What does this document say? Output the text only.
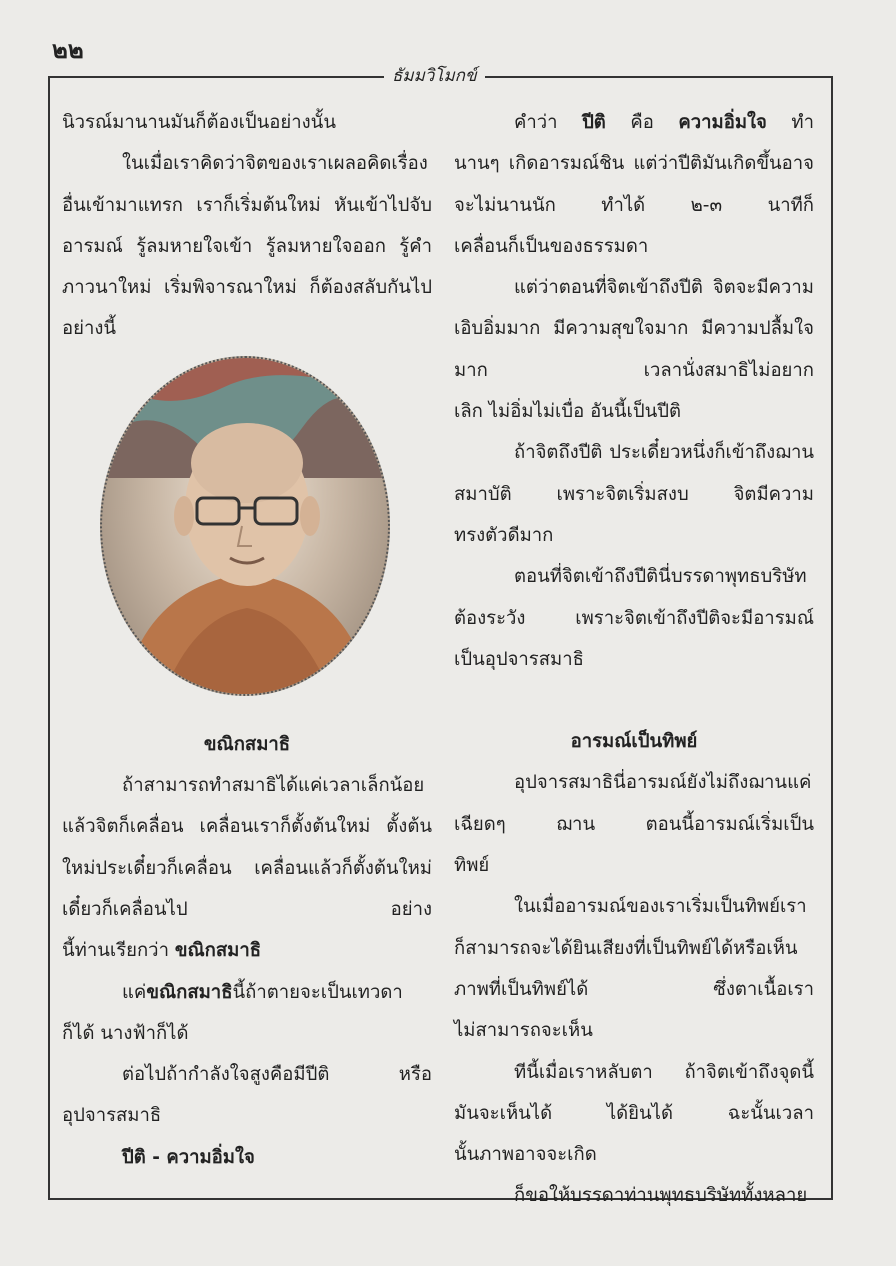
๒๒
ธัมมวิโมกข์

นิวรณ์มานานมันก็ต้องเป็นอย่างนั้น

ในเมื่อเราคิดว่าจิตของเราเผลอคิดเรื่องอื่นเข้ามาแทรก เราก็เริ่มต้นใหม่ หันเข้าไปจับอารมณ์ รู้ลมหายใจเข้า รู้ลมหายใจออก รู้คำภาวนาใหม่ เริ่มพิจารณาใหม่ ก็ต้องสลับกันไปอย่างนี้

ขณิกสมาธิ

ถ้าสามารถทำสมาธิได้แค่เวลาเล็กน้อยแล้วจิตก็เคลื่อน เคลื่อนเราก็ตั้งต้นใหม่ ตั้งต้นใหม่ประเดี๋ยวก็เคลื่อน เคลื่อนแล้วก็ตั้งต้นใหม่ เดี๋ยวก็เคลื่อนไป อย่าง

นี้ท่านเรียกว่า ขณิกสมาธิ

แค่ขณิกสมาธินี้ถ้าตายจะเป็นเทวดา

ก็ได้ นางฟ้าก็ได้

ต่อไปถ้ากำลังใจสูงคือมีปีติ หรือ

อุปจารสมาธิ

ปีติ - ความอิ่มใจ

คำว่า ปีติ คือ ความอิ่มใจ ทำ

นานๆ เกิดอารมณ์ชิน แต่ว่าปีติมันเกิดขึ้นอาจจะไม่นานนัก ทำได้ ๒-๓ นาทีก็

เคลื่อนก็เป็นของธรรมดา

แต่ว่าตอนที่จิตเข้าถึงปีติ จิตจะมีความเอิบอิ่มมาก มีความสุขใจมาก มีความปลื้มใจมาก เวลานั่งสมาธิไม่อยาก

เลิก ไม่อิ่มไม่เบื่อ อันนี้เป็นปีติ

ถ้าจิตถึงปีติ ประเดี๋ยวหนึ่งก็เข้าถึงฌานสมาบัติ เพราะจิตเริ่มสงบ จิตมีความ

ทรงตัวดีมาก

ตอนที่จิตเข้าถึงปีตินี่บรรดาพุทธบริษัทต้องระวัง เพราะจิตเข้าถึงปีติจะมีอารมณ์

เป็นอุปจารสมาธิ

อารมณ์เป็นทิพย์

อุปจารสมาธินี่อารมณ์ยังไม่ถึงฌานแค่เฉียดๆ ฌาน ตอนนี้อารมณ์เริ่มเป็น

ทิพย์

ในเมื่ออารมณ์ของเราเริ่มเป็นทิพย์เราก็สามารถจะได้ยินเสียงที่เป็นทิพย์ได้หรือเห็นภาพที่เป็นทิพย์ได้ ซึ่งตาเนื้อเรา

ไม่สามารถจะเห็น

ทีนี้เมื่อเราหลับตา ถ้าจิตเข้าถึงจุดนี้ มันจะเห็นได้ ได้ยินได้ ฉะนั้นเวลา

นั้นภาพอาจจะเกิด

ก็ขอให้บรรดาท่านพุทธบริษัททั้งหลาย
